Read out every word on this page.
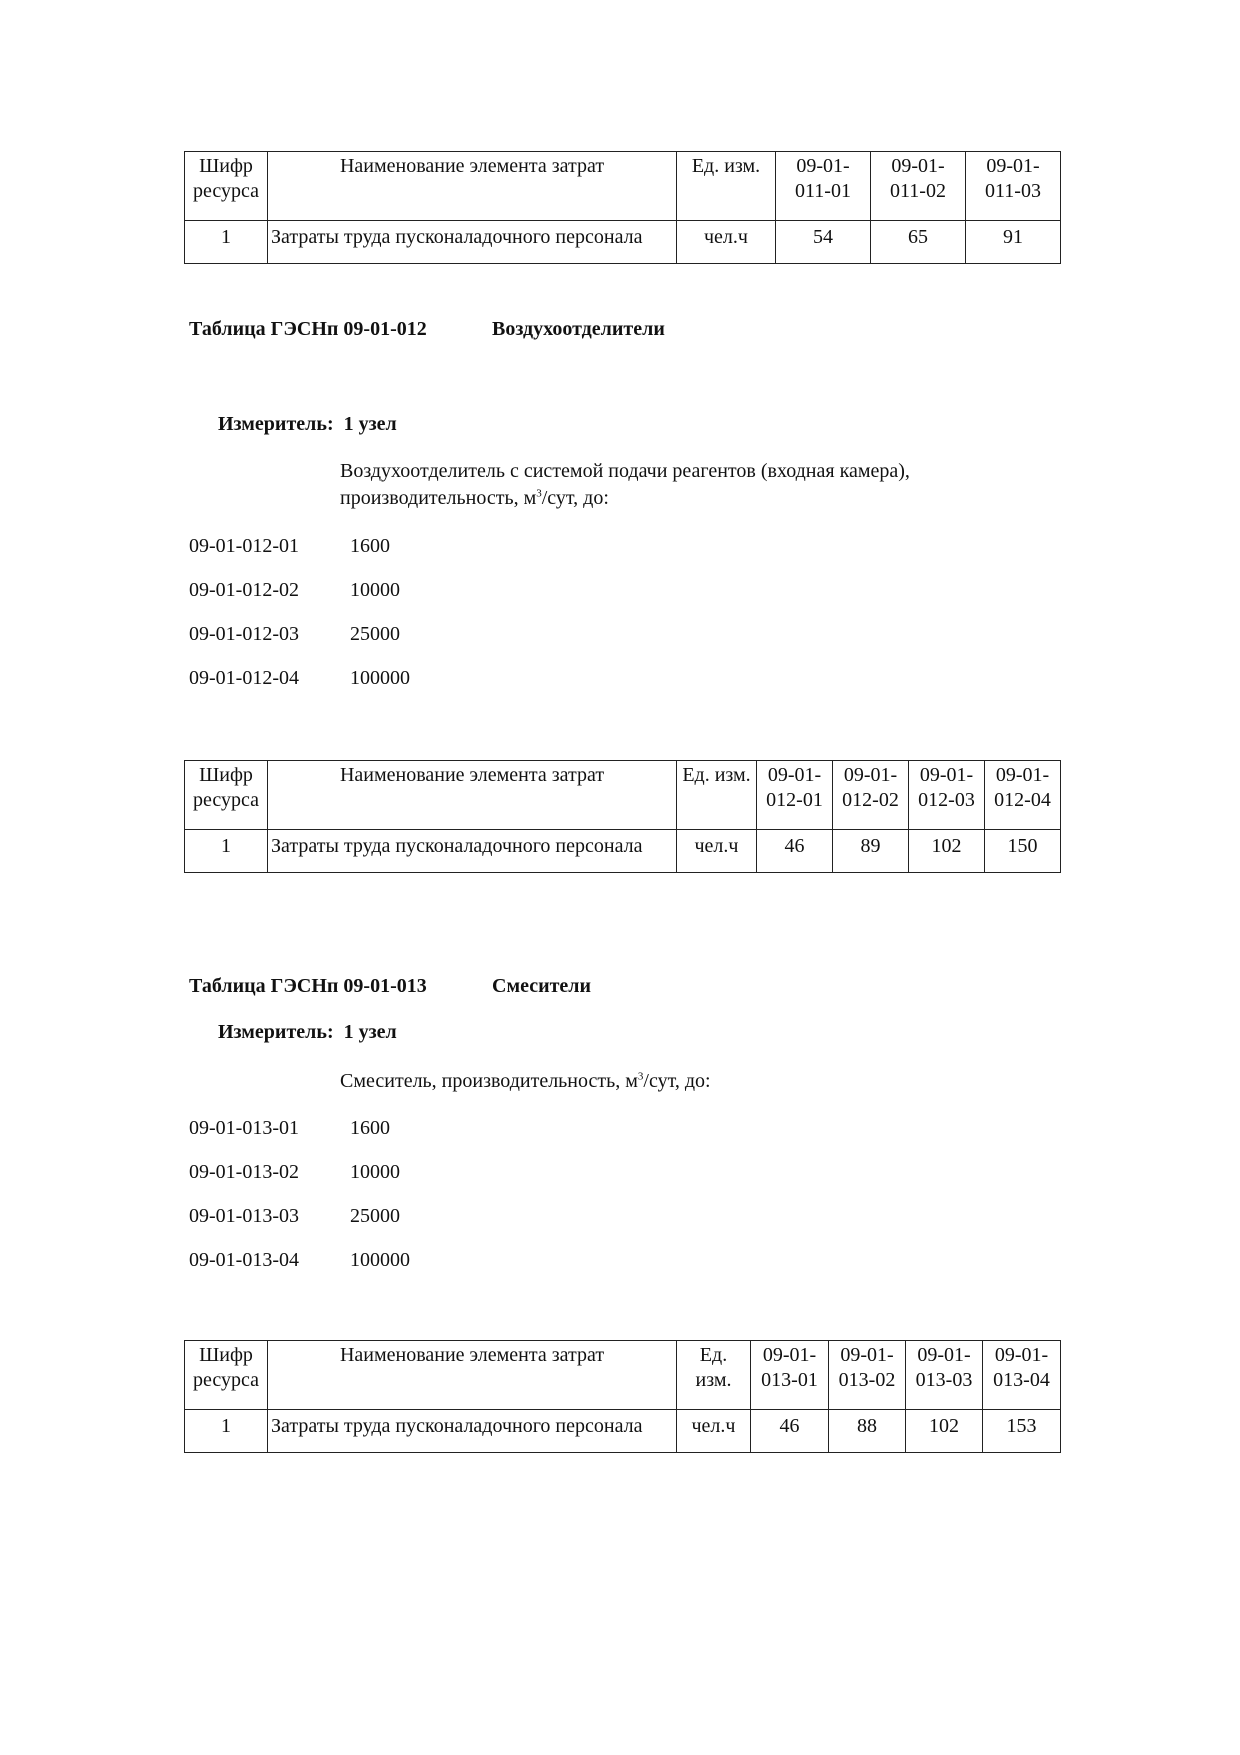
Шифр ресурса	Наименование элемента затрат	Ед. изм.	09-01-011-01	09-01-011-02	09-01-011-03
1	Затраты труда пусконаладочного персонала	чел.ч	54	65	91
Таблица ГЭСНп 09-01-012	Воздухоотделители
Измеритель:  1 узел
Воздухоотделитель с системой подачи реагентов (входная камера),
производительность, $м^3$/сут, до:
09-01-012-01	1600
09-01-012-02	10000
09-01-012-03	25000
09-01-012-04	100000
Шифр ресурса	Наименование элемента затрат	Ед. изм.	09-01-012-01	09-01-012-02	09-01-012-03	09-01-012-04
1	Затраты труда пусконаладочного персонала	чел.ч	46	89	102	150
Таблица ГЭСНп 09-01-013	Смесители
Измеритель:  1 узел
Смеситель, производительность, $м^3$/сут, до:
09-01-013-01	1600
09-01-013-02	10000
09-01-013-03	25000
09-01-013-04	100000
Шифр ресурса	Наименование элемента затрат	Ед. изм.	09-01-013-01	09-01-013-02	09-01-013-03	09-01-013-04
1	Затраты труда пусконаладочного персонала	чел.ч	46	88	102	153
